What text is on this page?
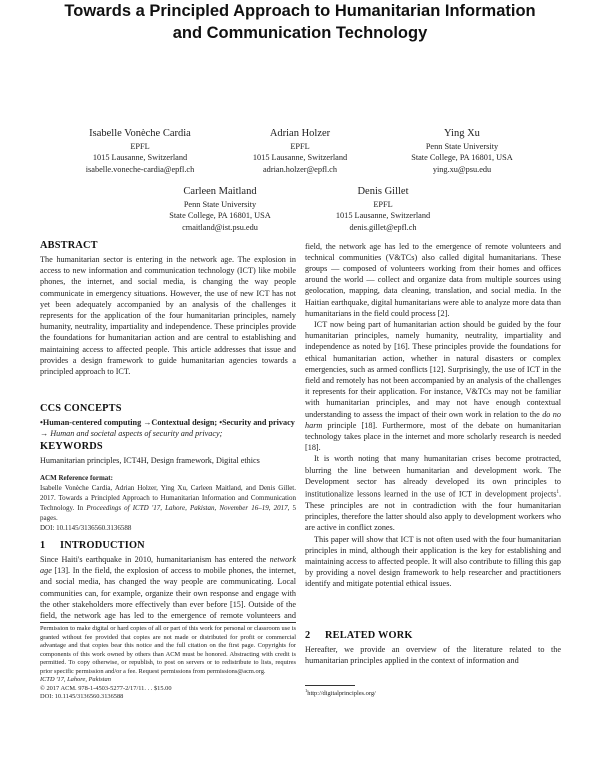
Towards a Principled Approach to Humanitarian Information
and Communication Technology
Isabelle Vonèche Cardia
EPFL
1015 Lausanne, Switzerland
isabelle.voneche-cardia@epfl.ch
Adrian Holzer
EPFL
1015 Lausanne, Switzerland
adrian.holzer@epfl.ch
Ying Xu
Penn State University
State College, PA 16801, USA
ying.xu@psu.edu
Carleen Maitland
Penn State University
State College, PA 16801, USA
cmaitland@ist.psu.edu
Denis Gillet
EPFL
1015 Lausanne, Switzerland
denis.gillet@epfl.ch
ABSTRACT

The humanitarian sector is entering in the network age. The explosion in access to new information and communication technology (ICT) like mobile phones, the internet, and social media, is changing the way people communicate in emergency situations. However, the use of new ICT has not yet been adequately accompanied by an analysis of the challenges it represents for the application of the four humanitarian principles, namely humanity, neutrality, impartiality and independence. These principles provide the foundations for humanitarian action and are central to establishing and maintaining access to affected people. This article addresses that issue and provides a design framework to guide humanitarian agencies towards a principled approach to ICT.

CCS CONCEPTS

•Human-centered computing →Contextual design; •Security and privacy → Human and societal aspects of security and privacy;

KEYWORDS

Humanitarian principles, ICT4H, Design framework, Digital ethics

ACM Reference format:

Isabelle Vonèche Cardia, Adrian Holzer, Ying Xu, Carleen Maitland, and Denis Gillet. 2017. Towards a Principled Approach to Humanitarian Information and Communication Technology. In Proceedings of ICTD '17, Lahore, Pakistan, November 16–19, 2017, 5 pages.

DOI: 10.1145/3136560.3136588
1 INTRODUCTION

Since Haiti's earthquake in 2010, humanitarianism has entered the network age [13]. In the field, the explosion of access to mobile phones, the internet, and social media, has changed the way people are communicating. Local communities can, for example, organize their own response and engage with the other stakeholders more effectively than ever before [15]. Outside of the field, the network age has led to the emergence of remote volunteers and

Permission to make digital or hard copies of all or part of this work for personal or classroom use is granted without fee provided that copies are not made or distributed for profit or commercial advantage and that copies bear this notice and the full citation on the first page. Copyrights for components of this work owned by others than ACM must be honored. Abstracting with credit is permitted. To copy otherwise, or republish, to post on servers or to redistribute to lists, requires prior specific permission and/or a fee. Request permissions from permissions@acm.org.
ICTD '17, Lahore, Pakistan
© 2017 ACM. 978-1-4503-5277-2/17/11. . . $15.00
DOI: 10.1145/3136560.3136588

field, the network age has led to the emergence of remote volunteers and technical communities (V&TCs) also called digital humanitarians. These groups — composed of volunteers working from their homes and offices around the world — collect and organize data from multiple sources using geolocation, mapping, data cleaning, translation, and social media. In the Haitian earthquake, digital humanitarians were able to analyze more data than humanitarians in the field could process [2].

ICT now being part of humanitarian action should be guided by the four humanitarian principles, namely humanity, neutrality, impartiality and independence as noted by [16]. These principles provide the foundations for ethical humanitarian action, whether in natural disasters or complex emergencies, such as armed conflicts [12]. Surprisingly, the use of ICT in the field and remotely has not been accompanied by an analysis of the challenges it represents for their application. For instance, V&TCs may not be familiar with humanitarian principles, and may not have enough contextual understanding to assess the impact of their own work in relation to the do no harm principle [18]. Furthermore, most of the debate on humanitarian technology takes place in the internet and more scholarly research is needed [18].

It is worth noting that many humanitarian crises become protracted, blurring the line between humanitarian and development work. The Development sector has already developed its own principles to institutionalize lessons learned in the use of ICT in development projects$^1$. These principles are not in contradiction with the four humanitarian principles, therefore the latter should also apply to development workers who are active in conflict zones.

This paper will show that ICT is not often used with the four humanitarian principles in mind, although their application is the key for establishing and maintaining access to affected people. It will also contribute to filling this gap by providing a novel design framework to help researcher and practitioners identify and mitigate potential ethical issues.

2 RELATED WORK

Hereafter, we provide an overview of the literature related to the humanitarian principles applied in the context of information and

$^1$http://digitalprinciples.org/
